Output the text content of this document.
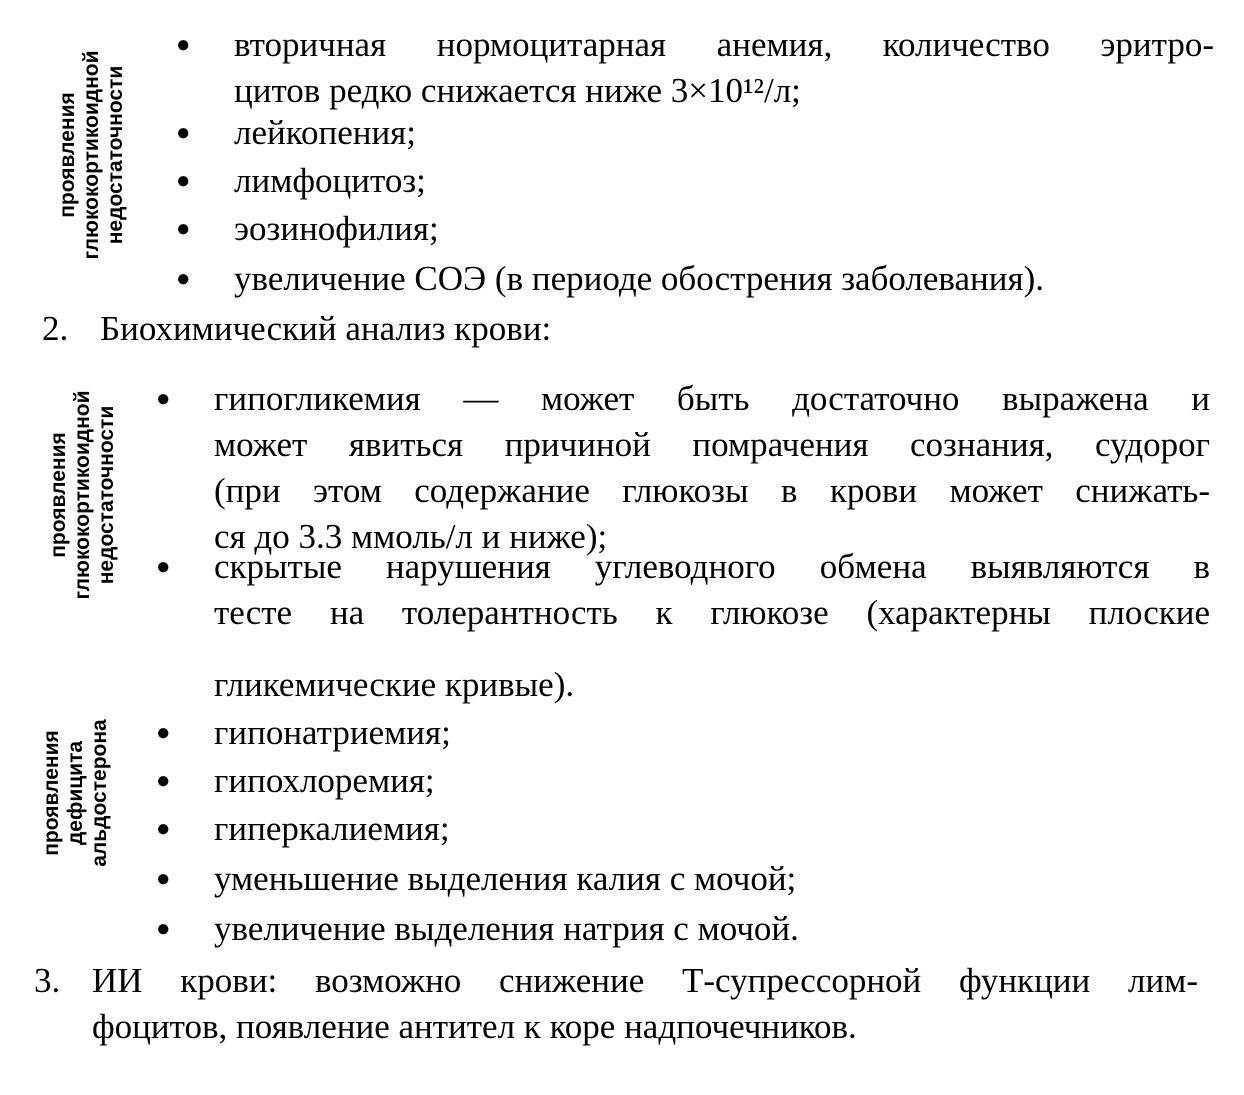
проявления глюкокортикоидной недостаточности
проявления глюкокортикоидной недостаточности
проявления дефицита альдостерона
● вторичная нормоцитарная анемия, количество эритро-
цитов редко снижается ниже 3×10¹²/л;
● лейкопения;
● лимфоцитоз;
● эозинофилия;
● увеличение СОЭ (в периоде обострения заболевания).
2. Биохимический анализ крови:
● гипогликемия — может быть достаточно выражена и
может явиться причиной помрачения сознания, судорог
(при этом содержание глюкозы в крови может снижать-
ся до 3.3 ммоль/л и ниже);
● скрытые нарушения углеводного обмена выявляются в
тесте на толерантность к глюкозе (характерны плоские
гликемические кривые).
● гипонатриемия;
● гипохлоремия;
● гиперкалиемия;
● уменьшение выделения калия с мочой;
● увеличение выделения натрия с мочой.
3. ИИ крови: возможно снижение Т-супрессорной функции лим-
фоцитов, появление антител к коре надпочечников.
